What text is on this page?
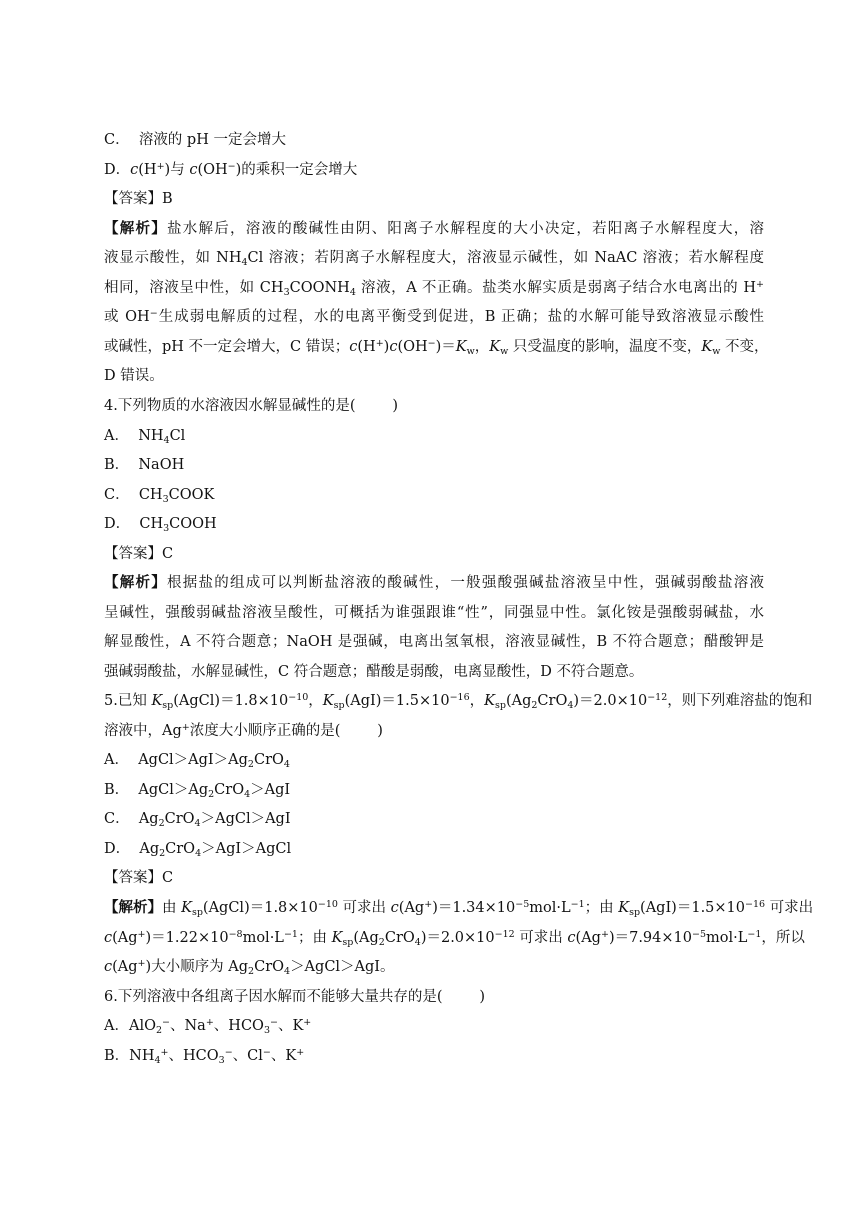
C．  溶液的 pH 一定会增大
D．c(H+)与 c(OH−)的乘积一定会增大
【答案】B
【解析】盐水解后，溶液的酸碱性由阴、阳离子水解程度的大小决定，若阳离子水解程度大，溶
液显示酸性，如 $NH_4Cl$ 溶液；若阴离子水解程度大，溶液显示碱性，如 NaAC 溶液；若水解程度
相同，溶液呈中性，如 $CH_3COONH_4$ 溶液，A 不正确。盐类水解实质是弱离子结合水电离出的 H+
或 OH−生成弱电解质的过程，水的电离平衡受到促进，B 正确；盐的水解可能导致溶液显示酸性
或碱性，pH 不一定会增大，C 错误；$c(H^+)c(OH^-)=K_w$，$K_w$ 只受温度的影响，温度不变，$K_w$ 不变，
D 错误。
4.下列物质的水溶液因水解显碱性的是(        )
A．  $NH_4Cl$
B．  NaOH
C．  $CH_3COOK$
D．  $CH_3COOH$
【答案】C
【解析】根据盐的组成可以判断盐溶液的酸碱性，一般强酸强碱盐溶液呈中性，强碱弱酸盐溶液
呈碱性，强酸弱碱盐溶液呈酸性，可概括为谁强跟谁“性”，同强显中性。氯化铵是强酸弱碱盐，水
解显酸性，A 不符合题意；NaOH 是强碱，电离出氢氧根，溶液显碱性，B 不符合题意；醋酸钾是
强碱弱酸盐，水解显碱性，C 符合题意；醋酸是弱酸，电离显酸性，D 不符合题意。
5.已知 $K_{sp}(AgCl)=1.8\times 10^{-10}$，$K_{sp}(AgI)=1.5\times 10^{-16}$，$K_{sp}(Ag_2CrO_4)=2.0\times 10^{-12}$，则下列难溶盐的饱和
溶液中，Ag+浓度大小顺序正确的是(        )
A．  $AgCl>AgI>Ag_2CrO_4$
B．  $AgCl>Ag_2CrO_4>AgI$
C．  $Ag_2CrO_4>AgCl>AgI$
D．  $Ag_2CrO_4>AgI>AgCl$
【答案】C
【解析】由 $K_{sp}(AgCl)=1.8\times 10^{-10}$ 可求出 $c(Ag^+)=1.34\times 10^{-5}mol\cdot L^{-1}$；由 $K_{sp}(AgI)=1.5\times 10^{-16}$ 可求出
$c(Ag^+)=1.22\times 10^{-8}mol\cdot L^{-1}$；由 $K_{sp}(Ag_2CrO_4)=2.0\times 10^{-12}$ 可求出 $c(Ag^+)=7.94\times 10^{-5}mol\cdot L^{-1}$，所以
c(Ag+)大小顺序为 $Ag_2CrO_4>AgCl>AgI$。
6.下列溶液中各组离子因水解而不能够大量共存的是(        )
A．AlO$_2$−、Na+、$HCO_3^-$、K+
B．$NH_4^+$、$HCO_3^-$、Cl−、K+
